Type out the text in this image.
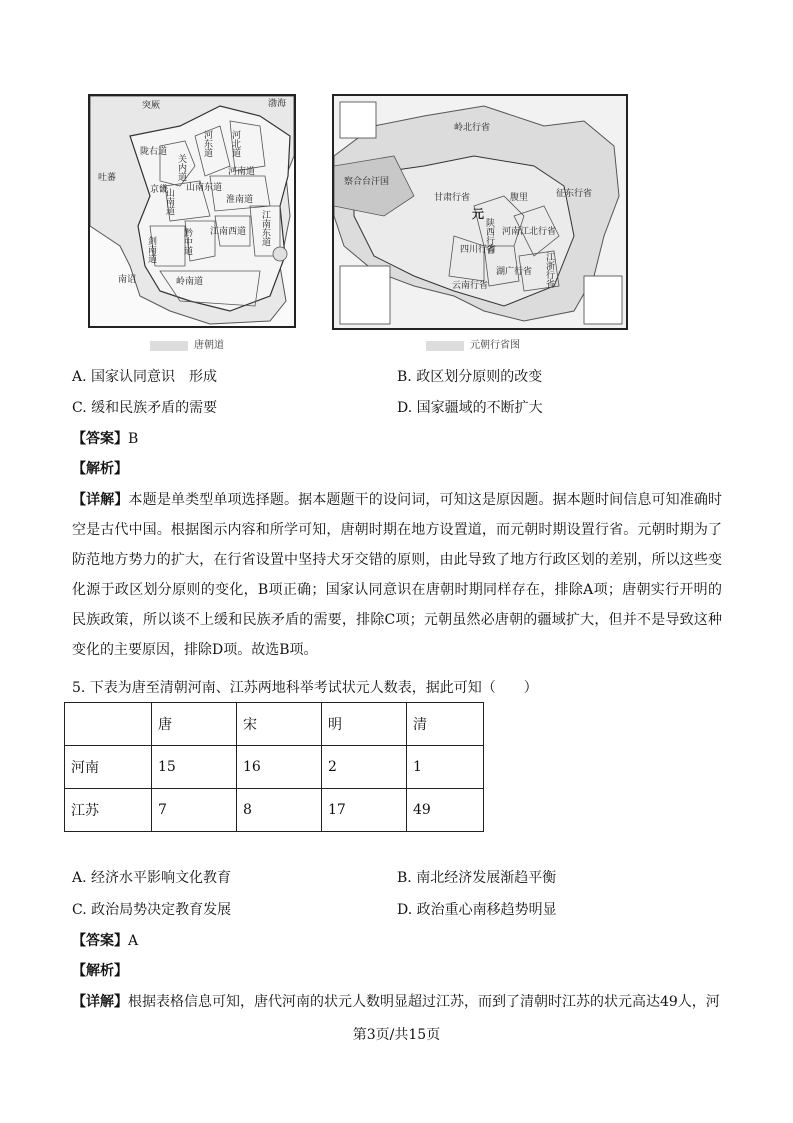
突厥	渤海
关内道
河东道 河北道
吐蕃
山南道
河南道
山南东道
淮南道
剑南道	黔中道 江南西道 江南东道
南诏	岭南道
陇右道
京畿
唐朝道
岭北行省
元
腹里
甘肃行省
陕西行省 河南江北行省
四川行省
江浙行省
湖广行省
云南行省
征东行省
察合台汗国
元朝行省图
A. 国家认同意识　形成	B. 政区划分原则的改变
C. 缓和民族矛盾的需要	D. 国家疆域的不断扩大
【答案】B
【解析】
【详解】本题是单类型单项选择题。据本题题干的设问词，可知这是原因题。据本题时间信息可知准确时空是古代中国。根据图示内容和所学可知，唐朝时期在地方设置道，而元朝时期设置行省。元朝时期为了防范地方势力的扩大，在行省设置中坚持犬牙交错的原则，由此导致了地方行政区划的差别，所以这些变化源于政区划分原则的变化，B项正确；国家认同意识在唐朝时期同样存在，排除A项；唐朝实行开明的民族政策，所以谈不上缓和民族矛盾的需要，排除C项；元朝虽然必唐朝的疆域扩大，但并不是导致这种变化的主要原因，排除D项。故选B项。
5. 下表为唐至清朝河南、江苏两地科举考试状元人数表，据此可知（　　）
	唐	宋	明	清
河南	15	16	2	1
江苏	7	8	17	49
A. 经济水平影响文化教育	B. 南北经济发展渐趋平衡
C. 政治局势决定教育发展	D. 政治重心南移趋势明显
【答案】A
【解析】
【详解】根据表格信息可知，唐代河南的状元人数明显超过江苏，而到了清朝时江苏的状元高达49人，河
第3页/共15页
